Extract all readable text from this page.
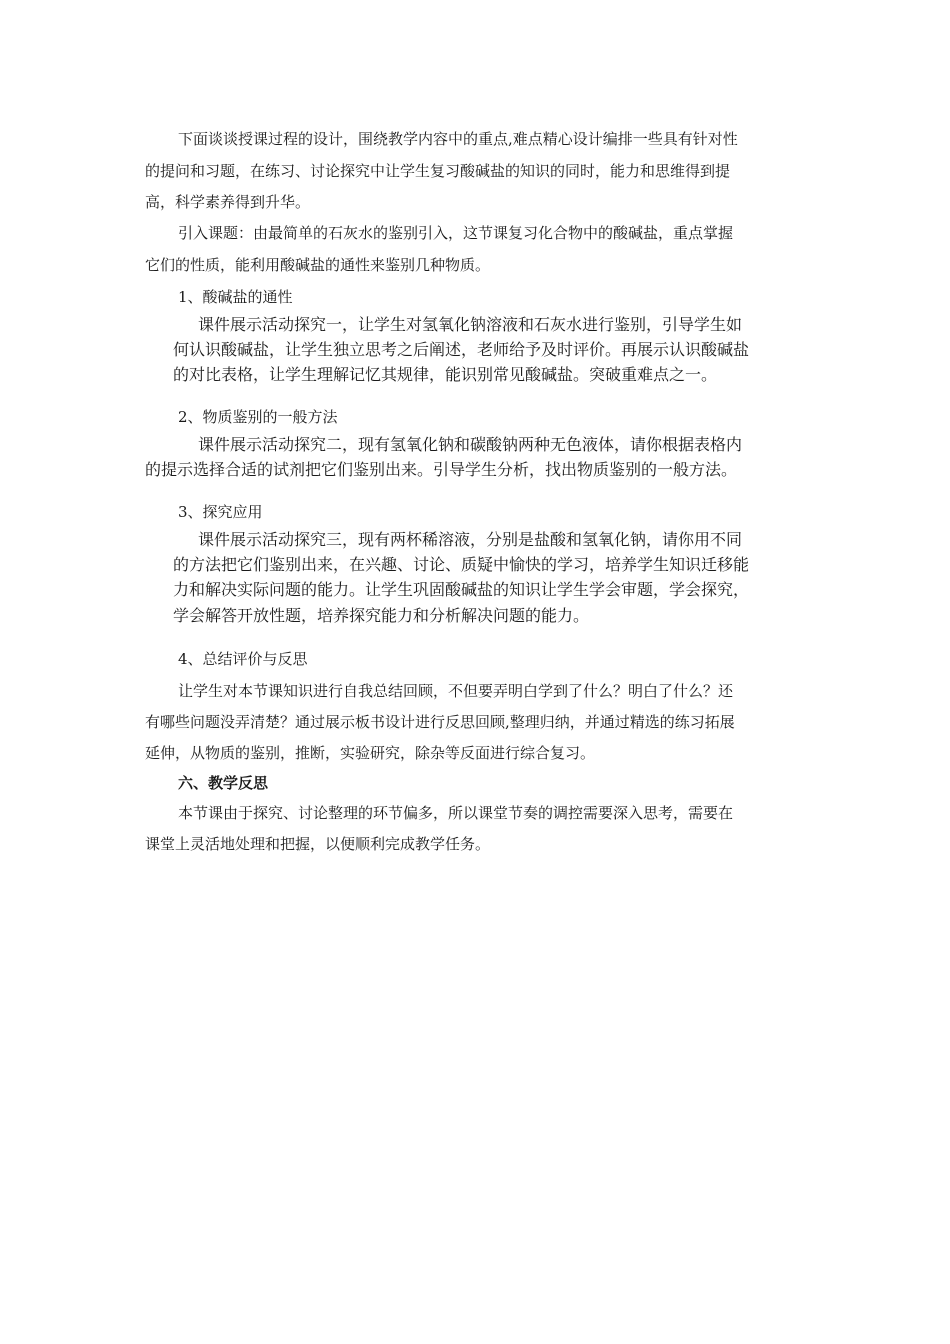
下面谈谈授课过程的设计，围绕教学内容中的重点,难点精心设计编排一些具有针对性
的提问和习题，在练习、讨论探究中让学生复习酸碱盐的知识的同时，能力和思维得到提
高，科学素养得到升华。
引入课题：由最简单的石灰水的鉴别引入，这节课复习化合物中的酸碱盐，重点掌握
它们的性质，能利用酸碱盐的通性来鉴别几种物质。
1、酸碱盐的通性
课件展示活动探究一，让学生对氢氧化钠溶液和石灰水进行鉴别，引导学生如
何认识酸碱盐，让学生独立思考之后阐述，老师给予及时评价。再展示认识酸碱盐
的对比表格，让学生理解记忆其规律，能识别常见酸碱盐。突破重难点之一。
2、物质鉴别的一般方法
课件展示活动探究二，现有氢氧化钠和碳酸钠两种无色液体，请你根据表格内
的提示选择合适的试剂把它们鉴别出来。引导学生分析，找出物质鉴别的一般方法。
3、探究应用
课件展示活动探究三，现有两杯稀溶液，分别是盐酸和氢氧化钠，请你用不同
的方法把它们鉴别出来，在兴趣、讨论、质疑中愉快的学习，培养学生知识迁移能
力和解决实际问题的能力。让学生巩固酸碱盐的知识让学生学会审题，学会探究，
学会解答开放性题，培养探究能力和分析解决问题的能力。
4、总结评价与反思
让学生对本节课知识进行自我总结回顾，不但要弄明白学到了什么？明白了什么？还
有哪些问题没弄清楚？通过展示板书设计进行反思回顾,整理归纳，并通过精选的练习拓展
延伸，从物质的鉴别，推断，实验研究，除杂等反面进行综合复习。
六、教学反思
本节课由于探究、讨论整理的环节偏多，所以课堂节奏的调控需要深入思考，需要在
课堂上灵活地处理和把握，以便顺利完成教学任务。
